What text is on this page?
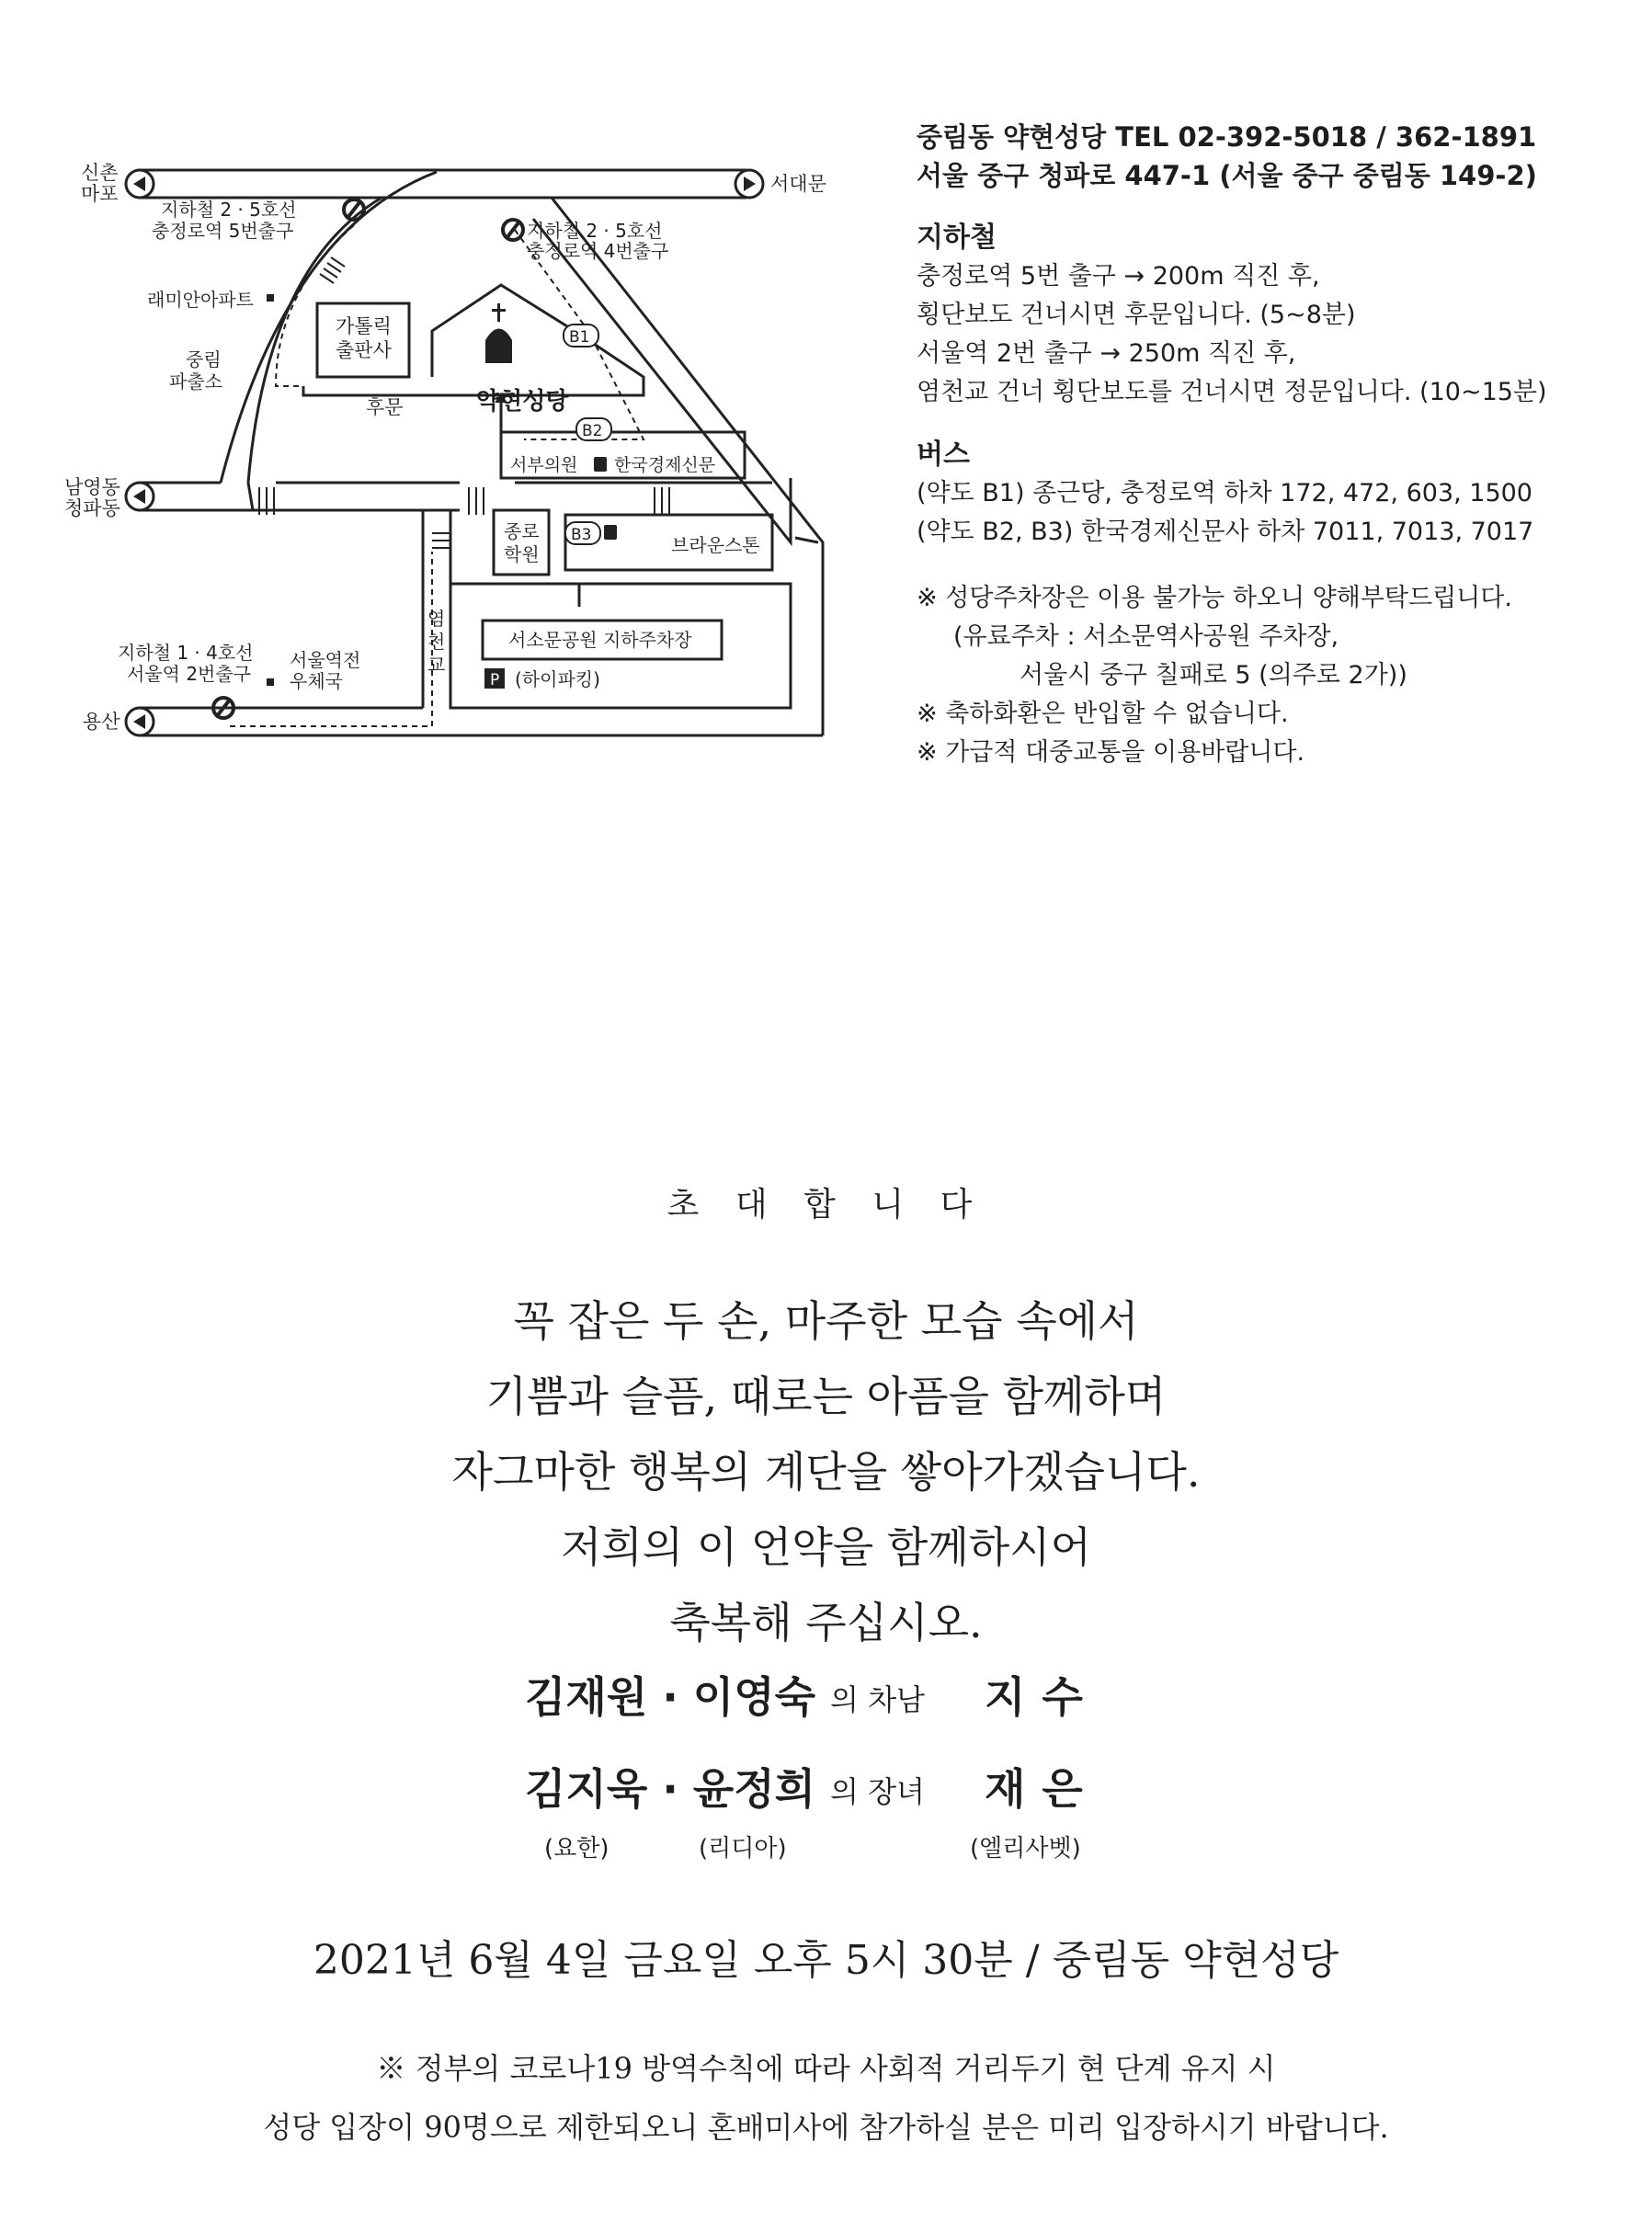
P
신촌
마포	서대문
남영동
청파동
용산
지하철 2 · 5호선
충정로역 5번출구	지하철 2 · 5호선
충정로역 4번출구
지하철 1 · 4호선
서울역 2번출구
래미안아파트
중림
파출소
가톨릭
출판사
후문	약현성당
B1
B2
B3
서부의원 한국경제신문
종로
학원	브라운스톤
서소문공원 지하주차장
(하이파킹)
염
천
교
서울역전
우체국
중림동 약현성당 TEL 02-392-5018 / 362-1891
서울 중구 청파로 447-1 (서울 중구 중림동 149-2)
지하철
충정로역 5번 출구 → 200m 직진 후,
횡단보도 건너시면 후문입니다. (5~8분)
서울역 2번 출구 → 250m 직진 후,
염천교 건너 횡단보도를 건너시면 정문입니다. (10~15분)
버스
(약도 B1) 종근당, 충정로역 하차 172, 472, 603, 1500
(약도 B2, B3) 한국경제신문사 하차 7011, 7013, 7017
※ 성당주차장은 이용 불가능 하오니 양해부탁드립니다.
(유료주차 : 서소문역사공원 주차장,
서울시 중구 칠패로 5 (의주로 2가))
※ 축하화환은 반입할 수 없습니다.
※ 가급적 대중교통을 이용바랍니다.
초 대 합 니 다
꼭 잡은 두 손, 마주한 모습 속에서
기쁨과 슬픔, 때로는 아픔을 함께하며
자그마한 행복의 계단을 쌓아가겠습니다.
저희의 이 언약을 함께하시어
축복해 주십시오.
김재원 · 이영숙 의 차남 지수
김지욱 · 윤정희 의 장녀 재은
(요한)	(리디아)	(엘리사벳)
2021년 6월 4일 금요일 오후 5시 30분 / 중림동 약현성당
※ 정부의 코로나19 방역수칙에 따라 사회적 거리두기 현 단계 유지 시
성당 입장이 90명으로 제한되오니 혼배미사에 참가하실 분은 미리 입장하시기 바랍니다.
